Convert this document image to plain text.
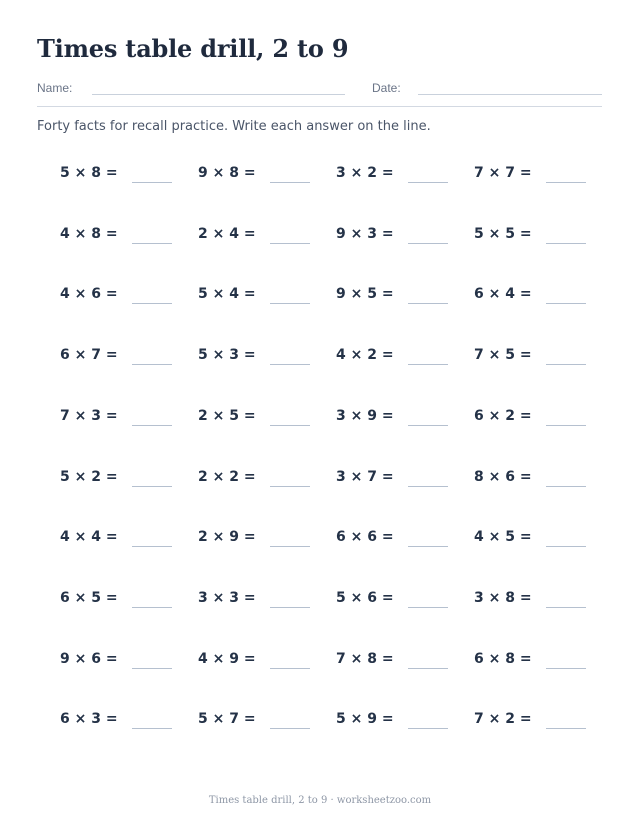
Times table drill, 2 to 9
Name:	Date:
Forty facts for recall practice. Write each answer on the line.
5 × 8 =	9 × 8 =	3 × 2 =	7 × 7 =
4 × 8 =	2 × 4 =	9 × 3 =	5 × 5 =
4 × 6 =	5 × 4 =	9 × 5 =	6 × 4 =
6 × 7 =	5 × 3 =	4 × 2 =	7 × 5 =
7 × 3 =	2 × 5 =	3 × 9 =	6 × 2 =
5 × 2 =	2 × 2 =	3 × 7 =	8 × 6 =
4 × 4 =	2 × 9 =	6 × 6 =	4 × 5 =
6 × 5 =	3 × 3 =	5 × 6 =	3 × 8 =
9 × 6 =	4 × 9 =	7 × 8 =	6 × 8 =
6 × 3 =	5 × 7 =	5 × 9 =	7 × 2 =
Times table drill, 2 to 9 · worksheetzoo.com
